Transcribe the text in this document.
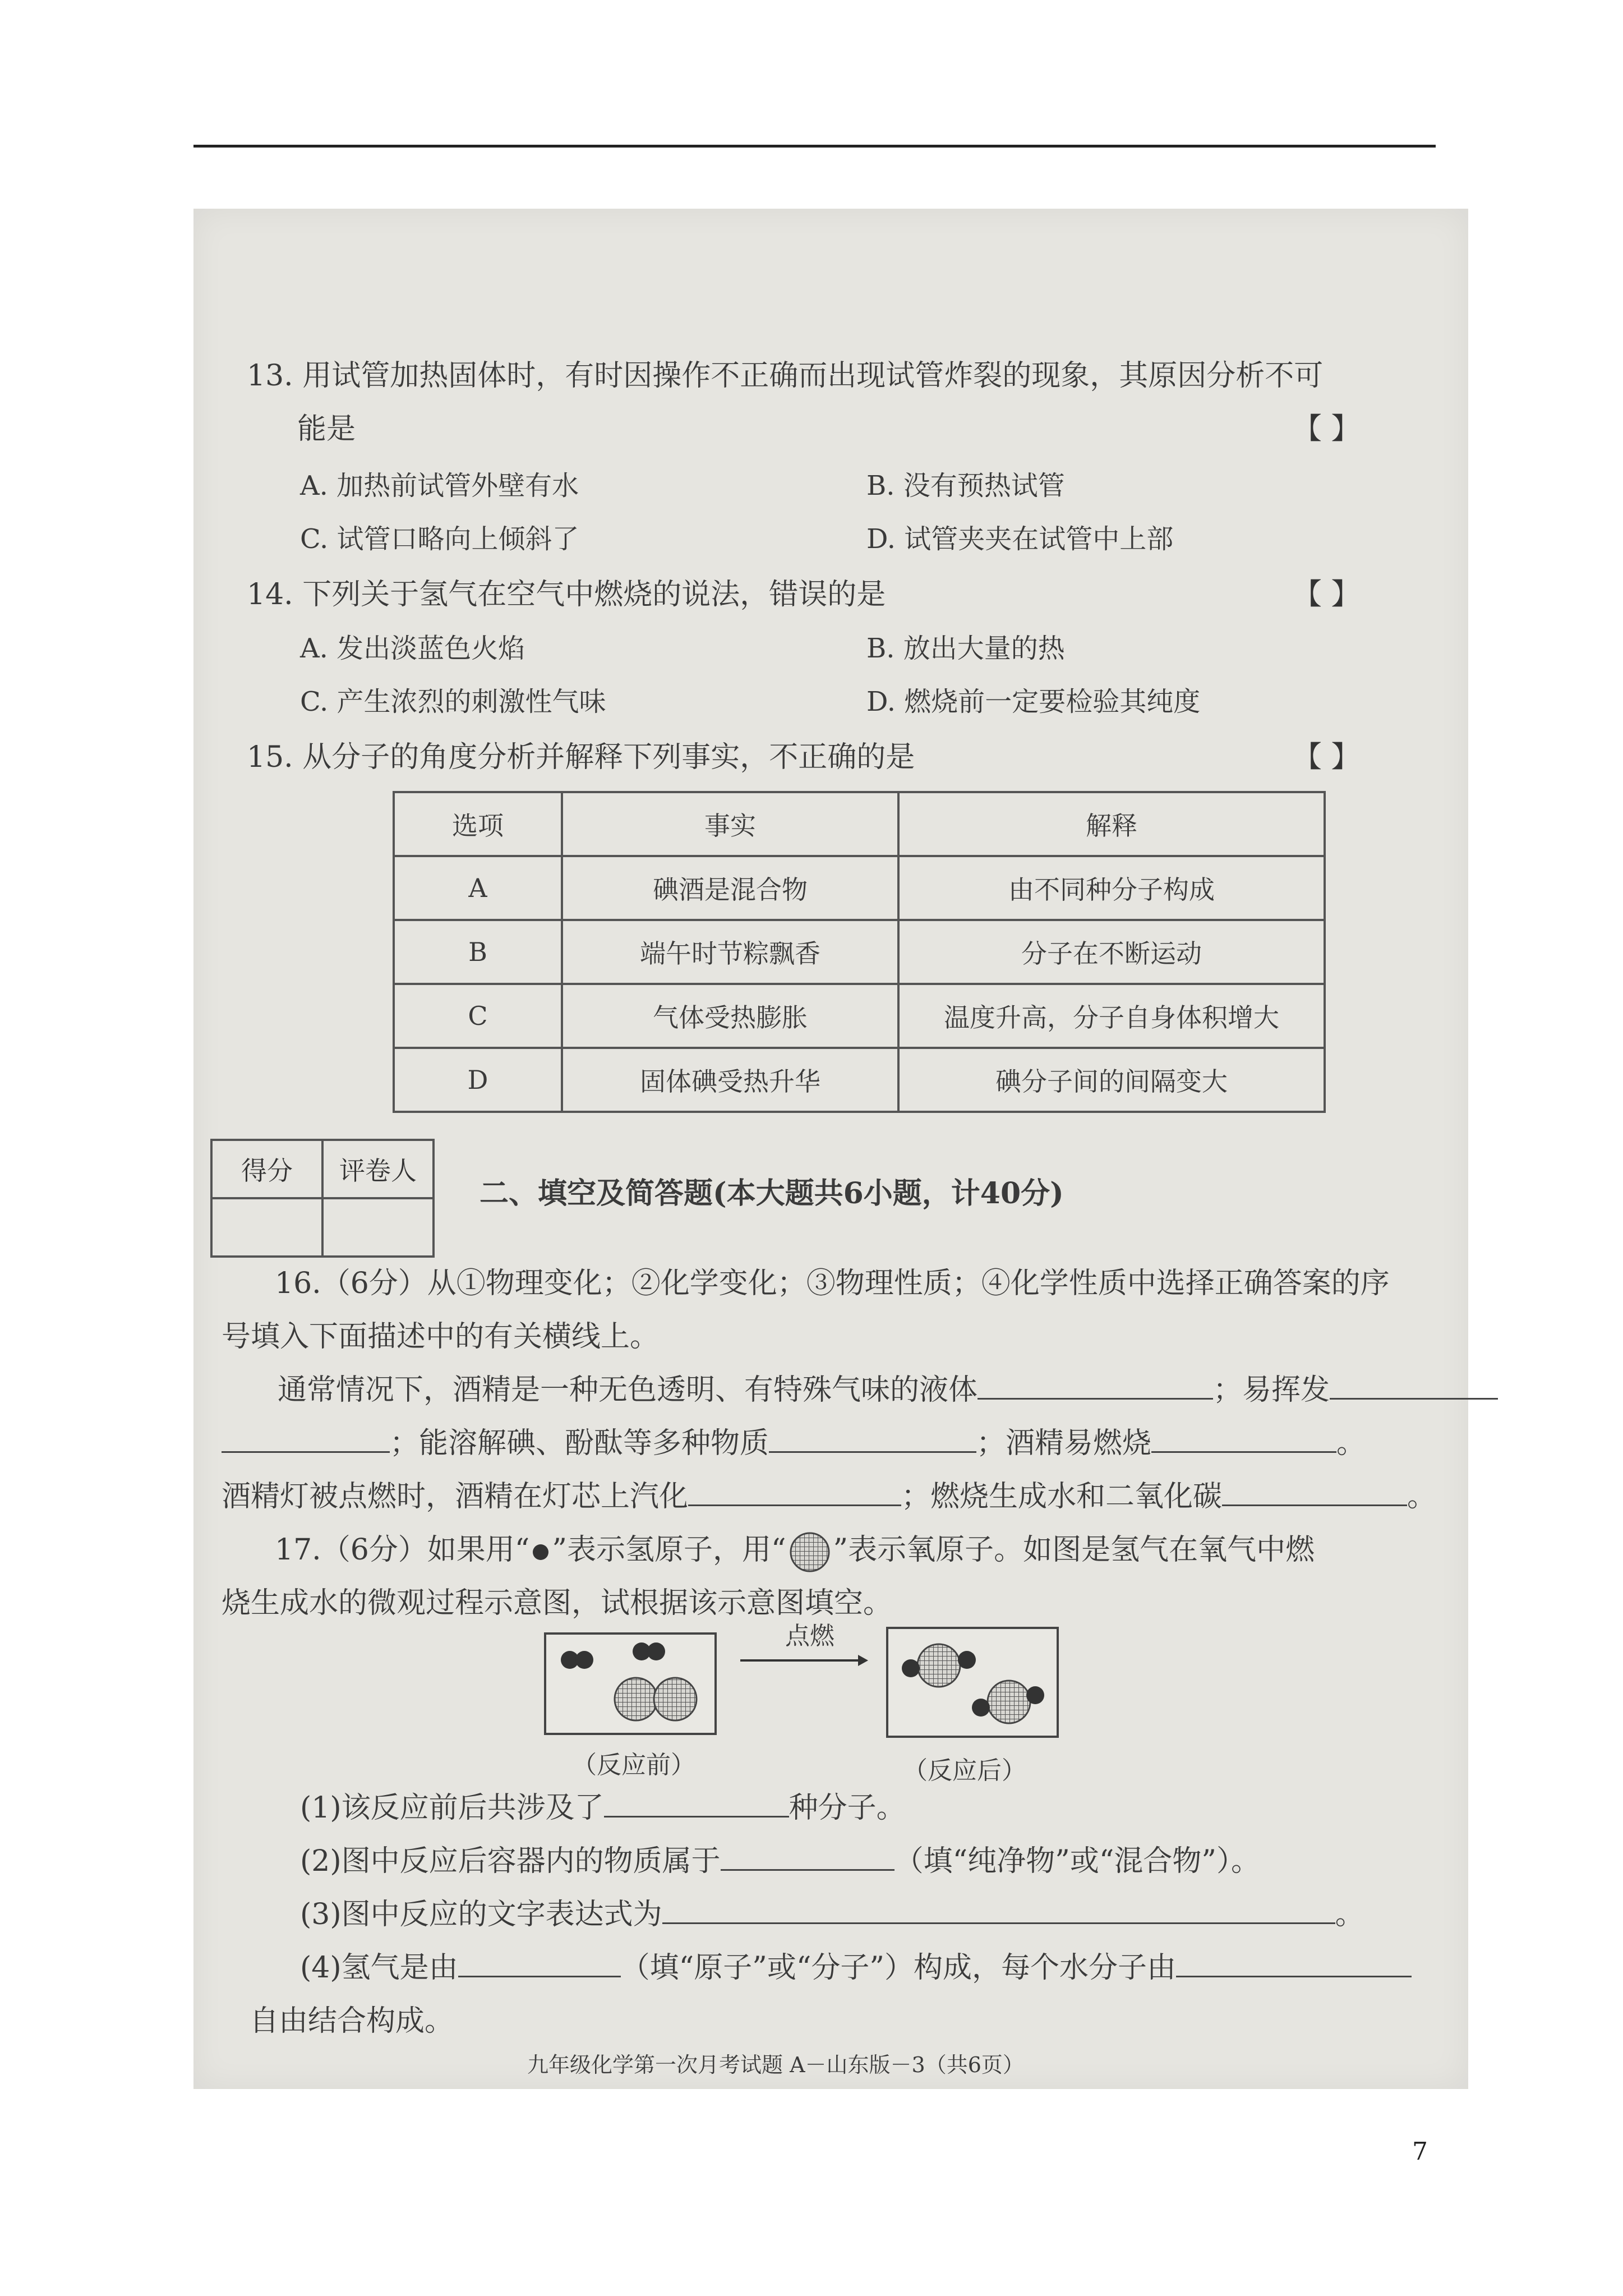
13. 用试管加热固体时，有时因操作不正确而出现试管炸裂的现象，其原因分析不可
能是	【 】
A. 加热前试管外壁有水	B. 没有预热试管
C. 试管口略向上倾斜了	D. 试管夹夹在试管中上部
14. 下列关于氢气在空气中燃烧的说法，错误的是	【 】
A. 发出淡蓝色火焰	B. 放出大量的热
C. 产生浓烈的刺激性气味	D. 燃烧前一定要检验其纯度
15. 从分子的角度分析并解释下列事实，不正确的是	【 】
选项	事实	解释
A	碘酒是混合物	由不同种分子构成
B	端午时节粽飘香	分子在不断运动
C	气体受热膨胀	温度升高，分子自身体积增大
D	固体碘受热升华	碘分子间的间隔变大
得分	评卷人

二、填空及简答题(本大题共6小题，计40分)
16.（6分）从①物理变化；②化学变化；③物理性质；④化学性质中选择正确答案的序
号填入下面描述中的有关横线上。
通常情况下，酒精是一种无色透明、有特殊气味的液体	；易挥发
；能溶解碘、酚酞等多种物质	；酒精易燃烧	。
酒精灯被点燃时，酒精在灯芯上汽化	；燃烧生成水和二氧化碳	。
17.（6分）如果用“ ”表示氢原子，用“ ”表示氧原子。如图是氢气在氧气中燃
烧生成水的微观过程示意图，试根据该示意图填空。
点燃
（反应前）	（反应后）
(1)该反应前后共涉及了	种分子。
(2)图中反应后容器内的物质属于	（填“纯净物”或“混合物”）。
(3)图中反应的文字表达式为	。
(4)氢气是由	（填“原子”或“分子”）构成，每个水分子由
自由结合构成。
九年级化学第一次月考试题 A－山东版－3（共6页）
7
